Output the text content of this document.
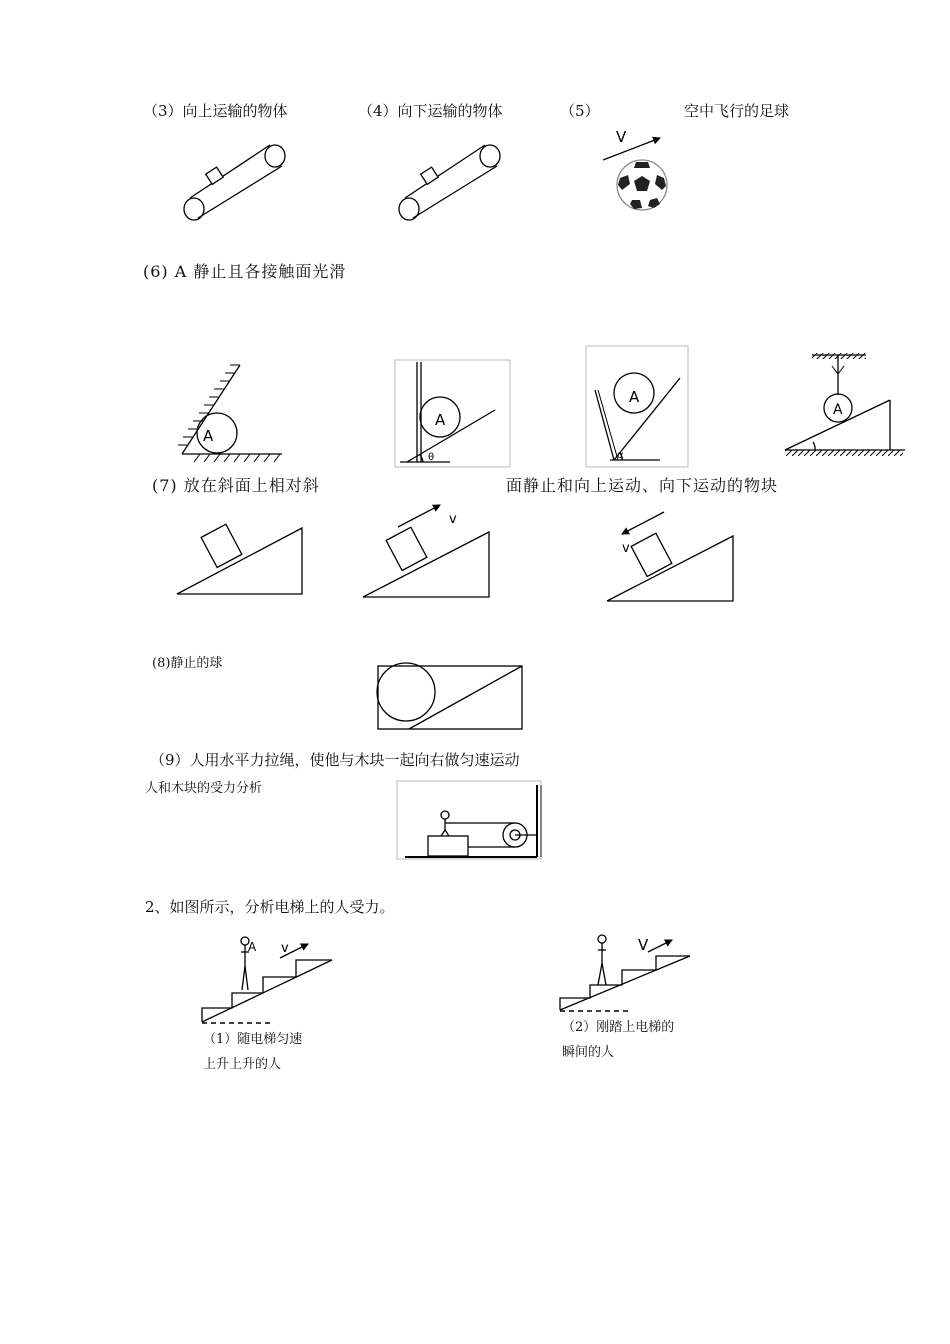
（3）向上运输的物体	（4）向下运输的物体	（5）	空中飞行的足球
(6) A 静止且各接触面光滑
(7) 放在斜面上相对斜	面静止和向上运动、向下运动的物块
(8)静止的球
（9）人用水平力拉绳，使他与木块一起向右做匀速运动
人和木块的受力分析
2、如图所示，分析电梯上的人受力。
（1）随电梯匀速
上升上升的人
（2）刚踏上电梯的
瞬间的人
V
A
A
θ
A
α
A
v
v
A v	V
